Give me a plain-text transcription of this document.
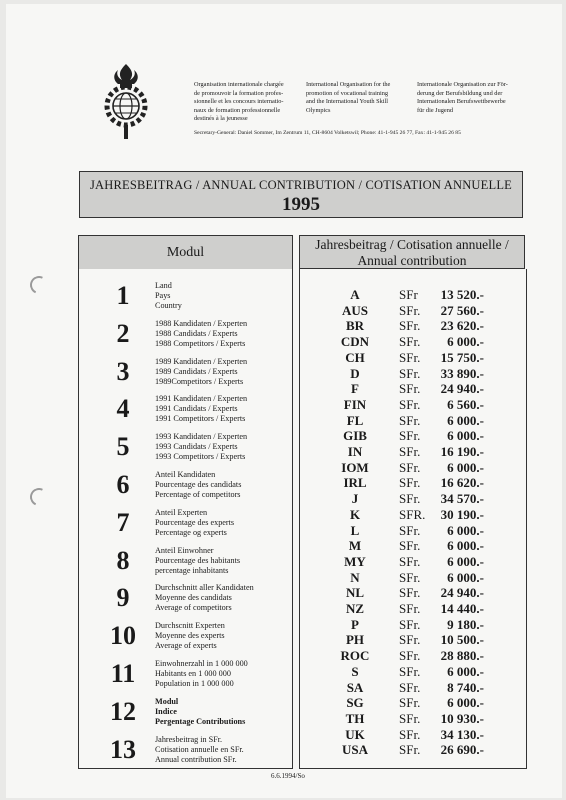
Organisation internationale chargée
de promouvoir la formation profes-
sionnelle et les concours internatio-
naux de formation professionnelle
destinés à la jeunesse
International Organisation for the
promotion of vocational training
and the International Youth Skill
Olympics
Internationale Organisation zur För-
derung der Berufsbildung und der
Internationalen Berufswettbewerbe
für die Jugend
Secretary-General: Daniel Sommer, Im Zentrum 11, CH-8604 Volketswil; Phone: 41-1-945 26 77, Fax: 41-1-945 26 85
JAHRESBEITRAG / ANNUAL CONTRIBUTION / COTISATION ANNUELLE
1995
Modul
Jahresbeitrag / Cotisation annuelle /
Annual contribution
1	Land
Pays
Country
2	1988 Kandidaten / Experten
1988 Candidats / Experts
1988 Competitors / Experts
3	1989 Kandidaten / Experten
1989 Candidats / Experts
1989Competitors / Experts
4	1991 Kandidaten / Experten
1991 Candidats / Experts
1991 Competitors / Experts
5	1993 Kandidaten / Experten
1993 Candidats / Experts
1993 Competitors / Experts
6	Anteil Kandidaten
Pourcentage des candidats
Percentage of competitors
7	Anteil Experten
Pourcentage des experts
Percentage og experts
8	Anteil Einwohner
Pourcentage des habitants
percentage inhabitants
9	Durchschnitt aller Kandidaten
Moyenne des candidats
Average of competitors
10	Durchscnitt Experten
Moyenne des experts
Average of experts
11	Einwohnerzahl in 1 000 000
Habitants en 1 000 000
Population in 1 000 000
12	Modul
Indice
Pergentage Contributions
13	Jahresbeitrag in SFr.
Cotisation annuelle en SFr.
Annual contribution SFr.
A	SFr 13 520.-
AUS	SFr. 27 560.-
BR	SFr. 23 620.-
CDN	SFr. 6 000.-
CH	SFr. 15 750.-
D	SFr. 33 890.-
F	SFr. 24 940.-
FIN	SFr. 6 560.-
FL	SFr. 6 000.-
GIB	SFr. 6 000.-
IN	SFr. 16 190.-
IOM	SFr. 6 000.-
IRL	SFr. 16 620.-
J	SFr. 34 570.-
K	SFR. 30 190.-
L	SFr. 6 000.-
M	SFr. 6 000.-
MY	SFr. 6 000.-
N	SFr. 6 000.-
NL	SFr. 24 940.-
NZ	SFr. 14 440.-
P	SFr. 9 180.-
PH	SFr. 10 500.-
ROC	SFr. 28 880.-
S	SFr. 6 000.-
SA	SFr. 8 740.-
SG	SFr. 6 000.-
TH	SFr. 10 930.-
UK	SFr. 34 130.-
USA	SFr. 26 690.-
6.6.1994/So
